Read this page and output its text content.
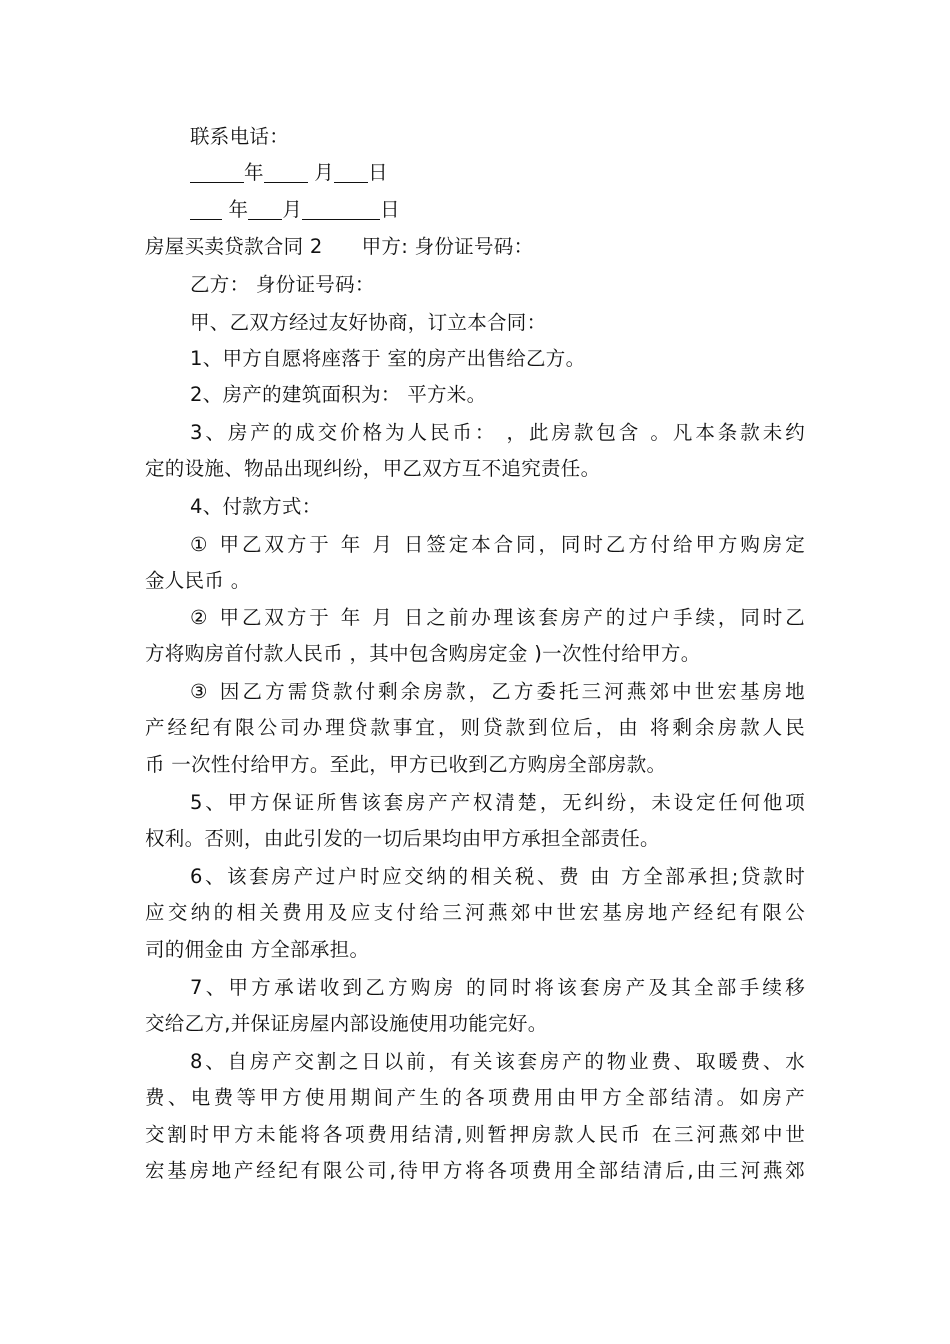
联系电话：
年 月 日
年 月	日
房屋买卖贷款合同 2      甲方: 身份证号码：
乙方： 身份证号码：
甲、乙双方经过友好协商，订立本合同：
1、甲方自愿将座落于 室的房产出售给乙方。
2、房产的建筑面积为： 平方米。
3、房产的成交价格为人民币： ，此房款包含 。凡本条款未约
定的设施、物品出现纠纷，甲乙双方互不追究责任。
4、付款方式：
① 甲乙双方于 年 月 日签定本合同，同时乙方付给甲方购房定
金人民币 。
② 甲乙双方于 年 月 日之前办理该套房产的过户手续，同时乙
方将购房首付款人民币 ，其中包含购房定金 )一次性付给甲方。
③ 因乙方需贷款付剩余房款，乙方委托三河燕郊中世宏基房地
产经纪有限公司办理贷款事宜，则贷款到位后，由 将剩余房款人民
币 一次性付给甲方。至此，甲方已收到乙方购房全部房款。
5、甲方保证所售该套房产产权清楚，无纠纷，未设定任何他项
权利。否则，由此引发的一切后果均由甲方承担全部责任。
6、该套房产过户时应交纳的相关税、费 由 方全部承担;贷款时
应交纳的相关费用及应支付给三河燕郊中世宏基房地产经纪有限公
司的佣金由 方全部承担。
7、甲方承诺收到乙方购房 的同时将该套房产及其全部手续移
交给乙方,并保证房屋内部设施使用功能完好。
8、自房产交割之日以前，有关该套房产的物业费、取暖费、水
费、电费等甲方使用期间产生的各项费用由甲方全部结清。如房产
交割时甲方未能将各项费用结清,则暂押房款人民币 在三河燕郊中世
宏基房地产经纪有限公司,待甲方将各项费用全部结清后,由三河燕郊
